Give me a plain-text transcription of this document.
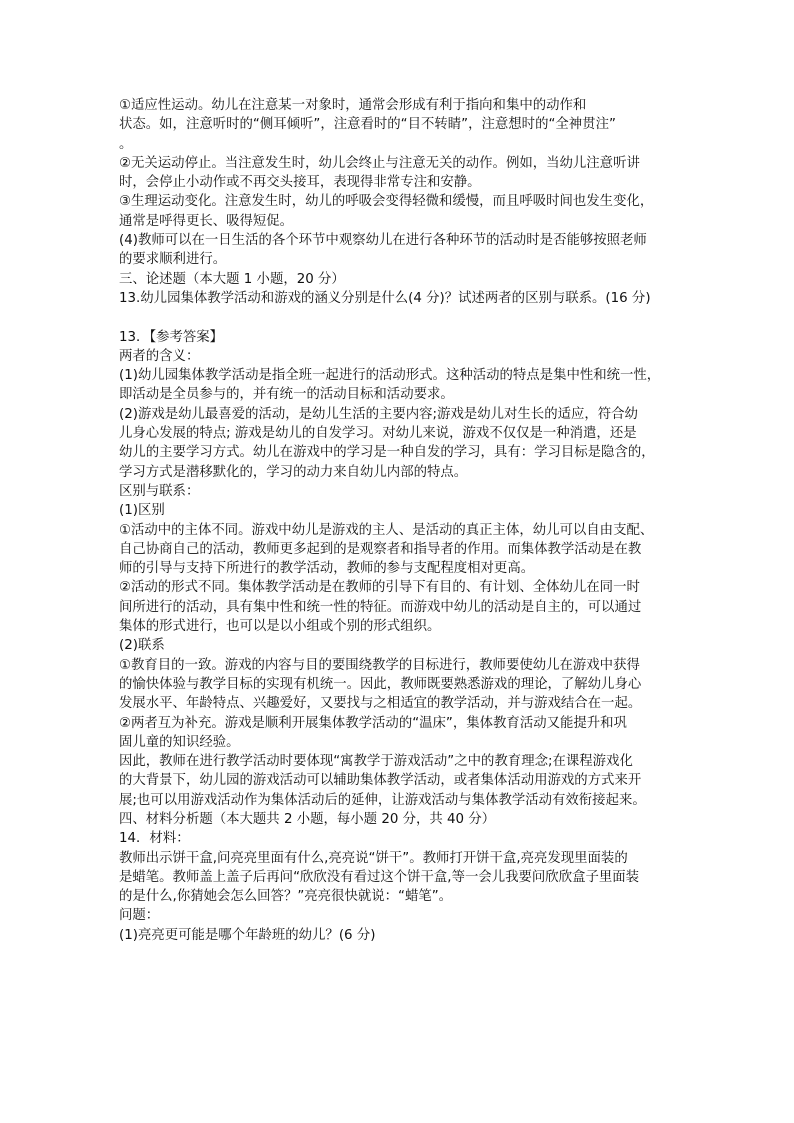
①适应性运动。幼儿在注意某一对象时，通常会形成有利于指向和集中的动作和
状态。如，注意听时的“侧耳倾听”，注意看时的“目不转睛”，注意想时的“全神贯注”
。
②无关运动停止。当注意发生时，幼儿会终止与注意无关的动作。例如，当幼儿注意听讲
时，会停止小动作或不再交头接耳，表现得非常专注和安静。
③生理运动变化。注意发生时，幼儿的呼吸会变得轻微和缓慢，而且呼吸时间也发生变化，
通常是呼得更长、吸得短促。
(4)教师可以在一日生活的各个环节中观察幼儿在进行各种环节的活动时是否能够按照老师
的要求顺利进行。
三、论述题（本大题 1 小题，20 分）
13.幼儿园集体教学活动和游戏的涵义分别是什么(4 分)？试述两者的区别与联系。(16 分)
13．【参考答案】
两者的含义：
(1)幼儿园集体教学活动是指全班一起进行的活动形式。这种活动的特点是集中性和统一性，
即活动是全员参与的，并有统一的活动目标和活动要求。
(2)游戏是幼儿最喜爱的活动，是幼儿生活的主要内容;游戏是幼儿对生长的适应，符合幼
儿身心发展的特点; 游戏是幼儿的自发学习。对幼儿来说，游戏不仅仅是一种消遣，还是
幼儿的主要学习方式。幼儿在游戏中的学习是一种自发的学习，具有：学习目标是隐含的，
学习方式是潜移默化的，学习的动力来自幼儿内部的特点。
区别与联系：
(1)区别
①活动中的主体不同。游戏中幼儿是游戏的主人、是活动的真正主体，幼儿可以自由支配、
自己协商自己的活动，教师更多起到的是观察者和指导者的作用。而集体教学活动是在教
师的引导与支持下所进行的教学活动，教师的参与支配程度相对更高。
②活动的形式不同。集体教学活动是在教师的引导下有目的、有计划、全体幼儿在同一时
间所进行的活动，具有集中性和统一性的特征。而游戏中幼儿的活动是自主的，可以通过
集体的形式进行，也可以是以小组或个别的形式组织。
(2)联系
①教育目的一致。游戏的内容与目的要围绕教学的目标进行，教师要使幼儿在游戏中获得
的愉快体验与教学目标的实现有机统一。因此，教师既要熟悉游戏的理论，了解幼儿身心
发展水平、年龄特点、兴趣爱好，又要找与之相适宜的教学活动，并与游戏结合在一起。
②两者互为补充。游戏是顺利开展集体教学活动的“温床”，集体教育活动又能提升和巩
固儿童的知识经验。
因此，教师在进行教学活动时要体现“寓教学于游戏活动”之中的教育理念;在课程游戏化
的大背景下，幼儿园的游戏活动可以辅助集体教学活动，或者集体活动用游戏的方式来开
展;也可以用游戏活动作为集体活动后的延伸，让游戏活动与集体教学活动有效衔接起来。
四、材料分析题（本大题共 2 小题，每小题 20 分，共 40 分）
14．材料：
教师出示饼干盒,问亮亮里面有什么,亮亮说“饼干”。教师打开饼干盒,亮亮发现里面装的
是蜡笔。教师盖上盖子后再问“欣欣没有看过这个饼干盒,等一会儿我要问欣欣盒子里面装
的是什么,你猜她会怎么回答？”亮亮很快就说：“蜡笔”。
问题：
(1)亮亮更可能是哪个年龄班的幼儿？(6 分)
